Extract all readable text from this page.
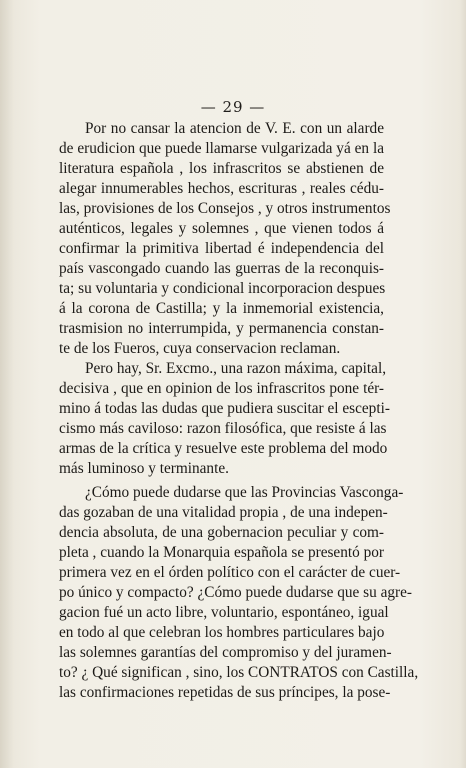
— 29 —
Por no cansar la atencion de V. E. con un alarde
de erudicion que puede llamarse vulgarizada yá en la
literatura española , los infrascritos se abstienen de
alegar innumerables hechos, escrituras , reales cédu-
las, provisiones de los Consejos , y otros instrumentos
auténticos, legales y solemnes , que vienen todos á
confirmar la primitiva libertad é independencia del
país vascongado cuando las guerras de la reconquis-
ta; su voluntaria y condicional incorporacion despues
á la corona de Castilla; y la inmemorial existencia,
trasmision no interrumpida, y permanencia constan-
te de los Fueros, cuya conservacion reclaman.
Pero hay, Sr. Excmo., una razon máxima, capital,
decisiva , que en opinion de los infrascritos pone tér-
mino á todas las dudas que pudiera suscitar el escepti-
cismo más caviloso: razon filosófica, que resiste á las
armas de la crítica y resuelve este problema del modo
más luminoso y terminante.
¿Cómo puede dudarse que las Provincias Vasconga-
das gozaban de una vitalidad propia , de una indepen-
dencia absoluta, de una gobernacion peculiar y com-
pleta , cuando la Monarquia española se presentó por
primera vez en el órden político con el carácter de cuer-
po único y compacto? ¿Cómo puede dudarse que su agre-
gacion fué un acto libre, voluntario, espontáneo, igual
en todo al que celebran los hombres particulares bajo
las solemnes garantías del compromiso y del juramen-
to? ¿ Qué significan , sino, los CONTRATOS con Castilla,
las confirmaciones repetidas de sus príncipes, la pose-
